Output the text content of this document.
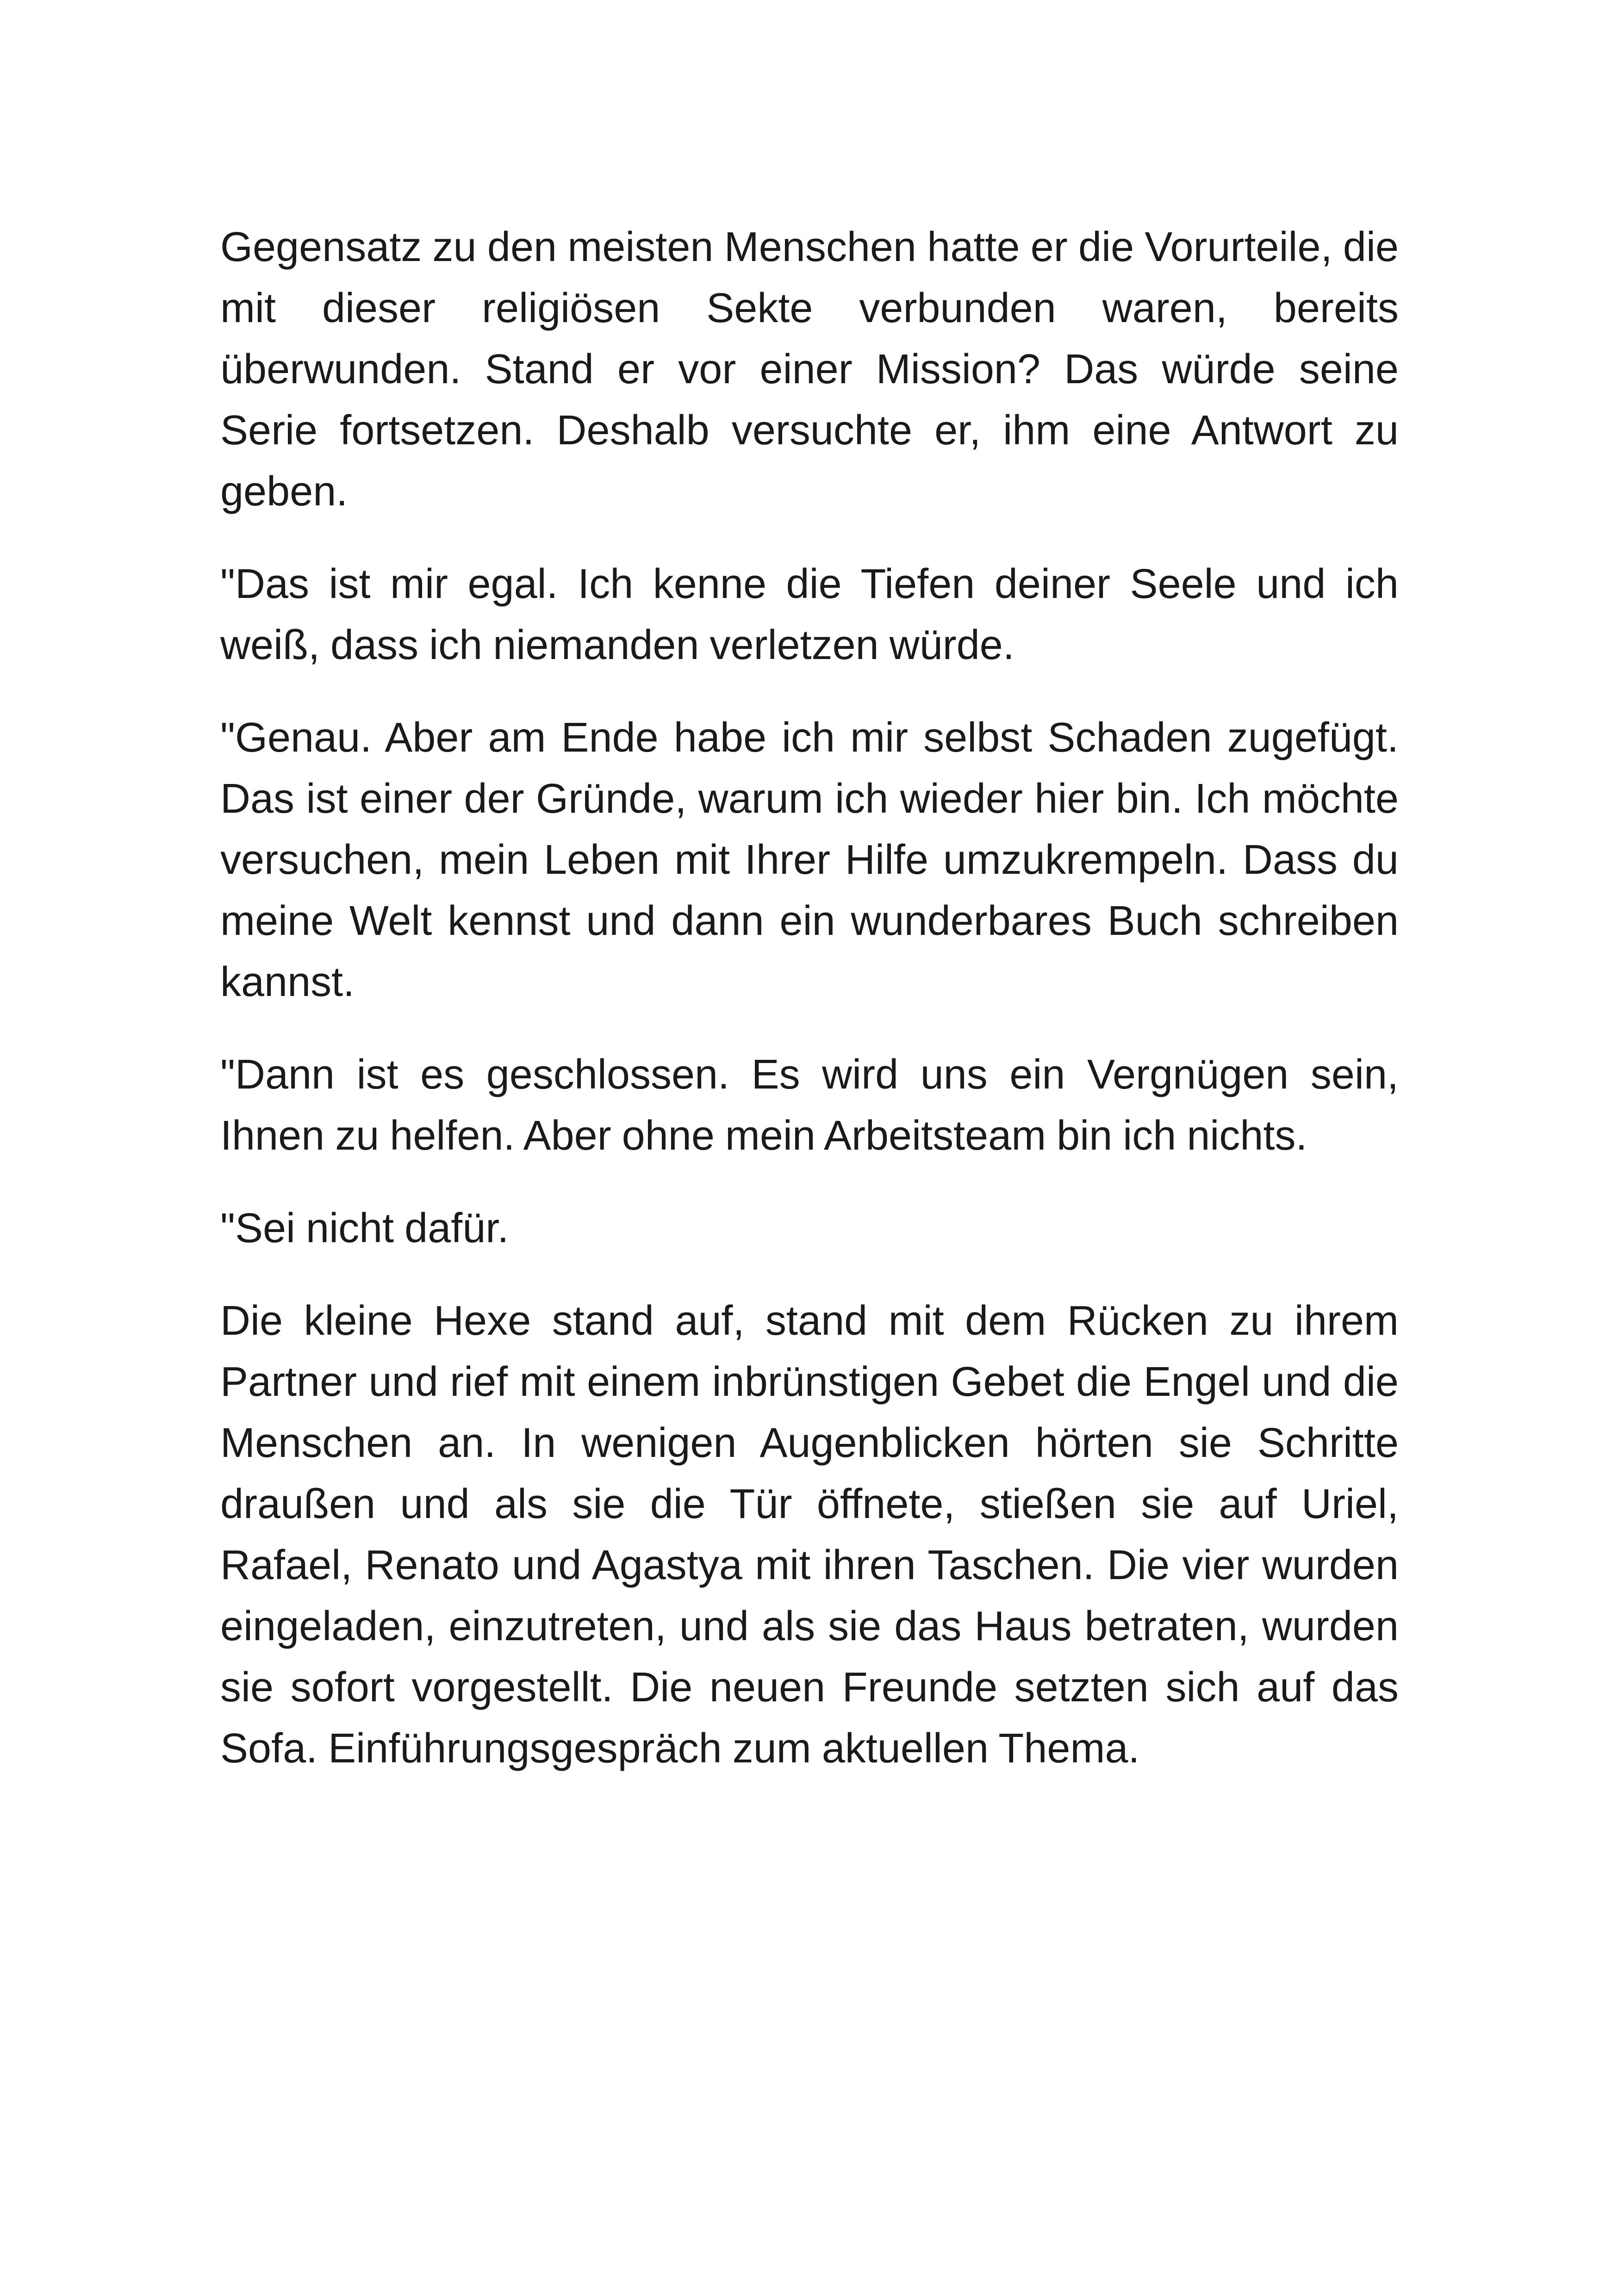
Gegensatz zu den meisten Menschen hatte er die Vorurteile, die mit dieser religiösen Sekte verbunden waren, bereits überwunden. Stand er vor einer Mission? Das würde seine Serie fortsetzen. Deshalb versuchte er, ihm eine Antwort zu geben.

"Das ist mir egal. Ich kenne die Tiefen deiner Seele und ich weiß, dass ich niemanden verletzen würde.

"Genau. Aber am Ende habe ich mir selbst Schaden zugefügt. Das ist einer der Gründe, warum ich wieder hier bin. Ich möchte versuchen, mein Leben mit Ihrer Hilfe umzukrempeln. Dass du meine Welt kennst und dann ein wunderbares Buch schreiben kannst.

"Dann ist es geschlossen. Es wird uns ein Vergnügen sein, Ihnen zu helfen. Aber ohne mein Arbeitsteam bin ich nichts.

"Sei nicht dafür.

Die kleine Hexe stand auf, stand mit dem Rücken zu ihrem Partner und rief mit einem inbrünstigen Gebet die Engel und die Menschen an. In wenigen Augenblicken hörten sie Schritte draußen und als sie die Tür öffnete, stießen sie auf Uriel, Rafael, Renato und Agastya mit ihren Taschen. Die vier wurden eingeladen, einzutreten, und als sie das Haus betraten, wurden sie sofort vorgestellt. Die neuen Freunde setzten sich auf das Sofa. Einführungsgespräch zum aktuellen Thema.
